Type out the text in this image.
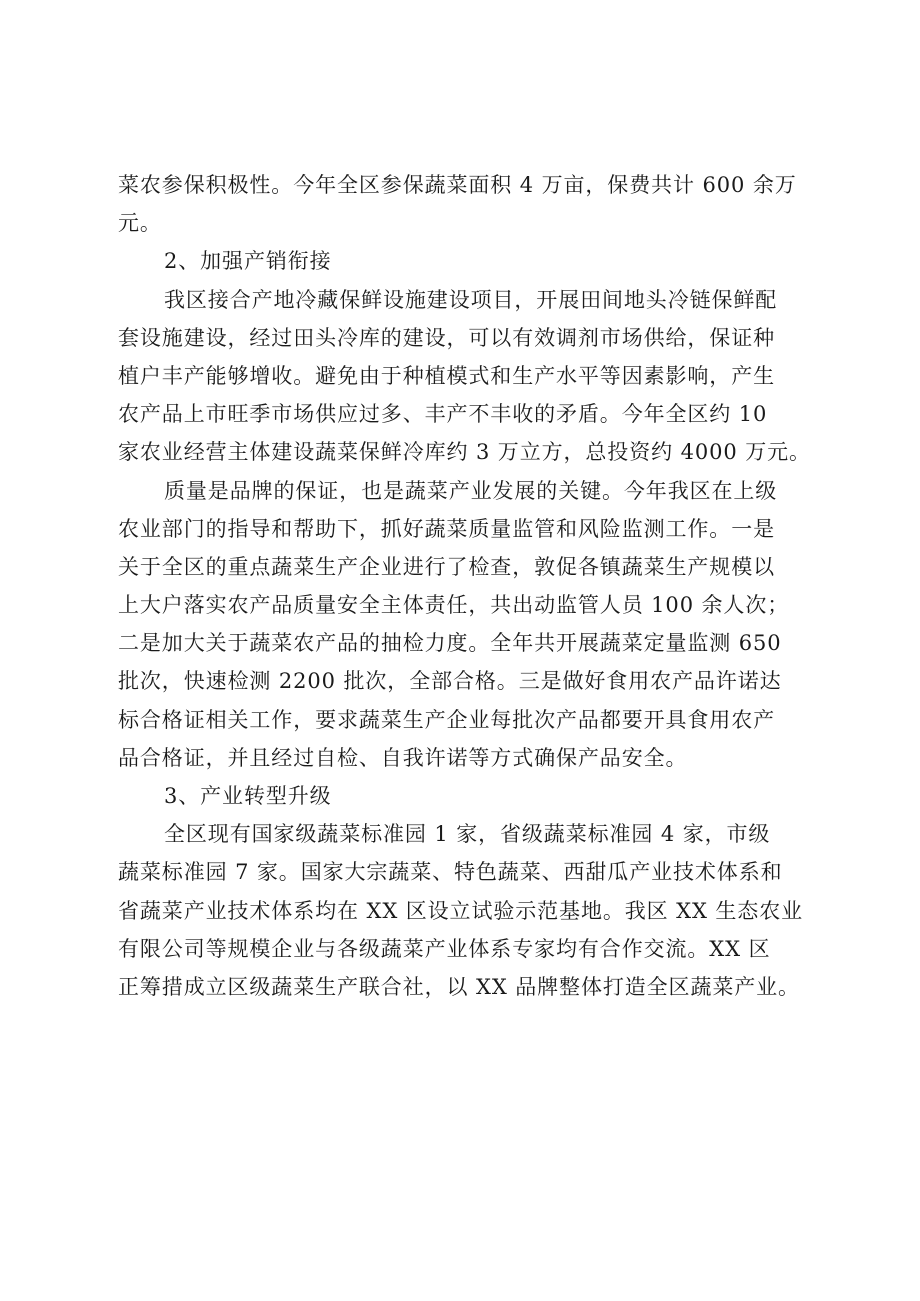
菜农参保积极性。今年全区参保蔬菜面积 4 万亩，保费共计 600 余万
元。
2、加强产销衔接
我区接合产地冷藏保鲜设施建设项目，开展田间地头冷链保鲜配
套设施建设，经过田头冷库的建设，可以有效调剂市场供给，保证种
植户丰产能够增收。避免由于种植模式和生产水平等因素影响，产生
农产品上市旺季市场供应过多、丰产不丰收的矛盾。今年全区约 10
家农业经营主体建设蔬菜保鲜冷库约 3 万立方，总投资约 4000 万元。
质量是品牌的保证，也是蔬菜产业发展的关键。今年我区在上级
农业部门的指导和帮助下，抓好蔬菜质量监管和风险监测工作。一是
关于全区的重点蔬菜生产企业进行了检查，敦促各镇蔬菜生产规模以
上大户落实农产品质量安全主体责任，共出动监管人员 100 余人次；
二是加大关于蔬菜农产品的抽检力度。全年共开展蔬菜定量监测 650
批次，快速检测 2200 批次，全部合格。三是做好食用农产品许诺达
标合格证相关工作，要求蔬菜生产企业每批次产品都要开具食用农产
品合格证，并且经过自检、自我许诺等方式确保产品安全。
3、产业转型升级
全区现有国家级蔬菜标准园 1 家，省级蔬菜标准园 4 家，市级
蔬菜标准园 7 家。国家大宗蔬菜、特色蔬菜、西甜瓜产业技术体系和
省蔬菜产业技术体系均在 XX 区设立试验示范基地。我区 XX 生态农业
有限公司等规模企业与各级蔬菜产业体系专家均有合作交流。XX 区
正筹措成立区级蔬菜生产联合社，以 XX 品牌整体打造全区蔬菜产业。
